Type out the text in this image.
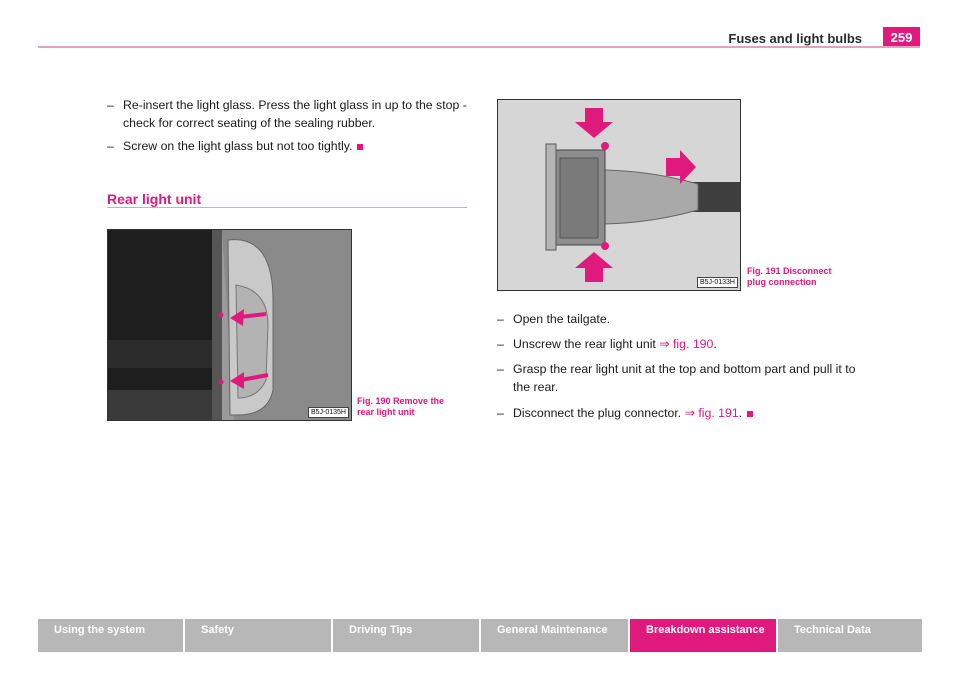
Fuses and light bulbs	259
– Re-insert the light glass. Press the light glass in up to the stop - check for correct seating of the sealing rubber.
– Screw on the light glass but not too tightly.
Rear light unit
B5J-0135H
Fig. 190 Remove the
rear light unit
B5J-0133H
Fig. 191 Disconnect
plug connection
– Open the tailgate.
– Unscrew the rear light unit ⇒ fig. 190.
– Grasp the rear light unit at the top and bottom part and pull it to the rear.
– Disconnect the plug connector. ⇒ fig. 191.
Using the system	Safety	Driving Tips	General Maintenance	Breakdown assistance	Technical Data
